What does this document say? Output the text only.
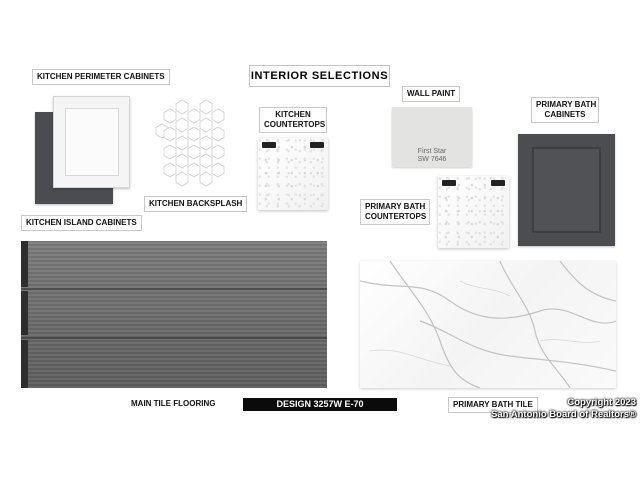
INTERIOR SELECTIONS
KITCHEN PERIMETER CABINETS
KITCHEN BACKSPLASH
KITCHEN
COUNTERTOPS
WALL PAINT
First Star
SW 7646
PRIMARY BATH
CABINETS
PRIMARY BATH
COUNTERTOPS
KITCHEN ISLAND CABINETS
MAIN TILE FLOORING	PRIMARY BATH TILE
DESIGN 3257W E-70	Copyright 2023
San Antonio Board of Realtors®
